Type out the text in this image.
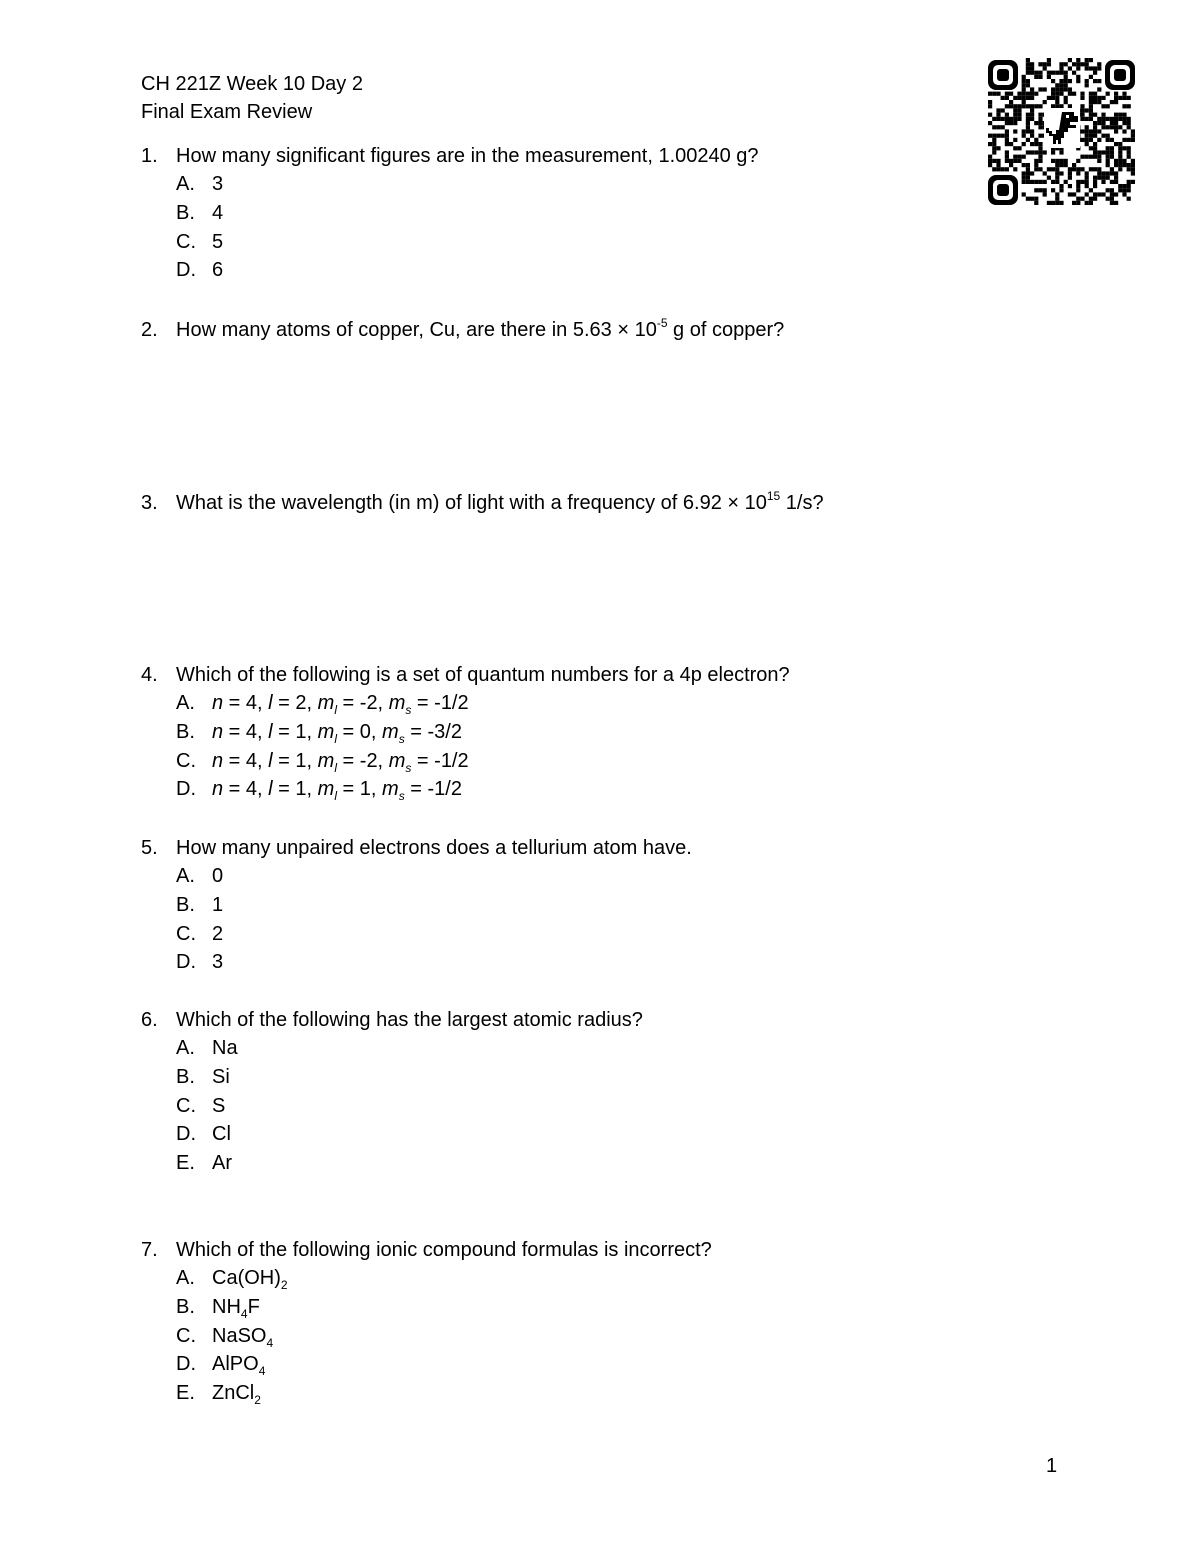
CH 221Z Week 10 Day 2
Final Exam Review
1. How many significant figures are in the measurement, 1.00240 g?
A. 3
B. 4
C. 5
D. 6
2. How many atoms of copper, Cu, are there in $5.63 \times 10^{-5}$ g of copper?
3. What is the wavelength (in m) of light with a frequency of $6.92 \times 10^{15}$ 1/s?
4. Which of the following is a set of quantum numbers for a 4p electron?
A. n = 4, l = 2, $m_l = -2$, $m_s = -1/2$
B. n = 4, l = 1, $m_l = 0$, $m_s = -3/2$
C. n = 4, l = 1, $m_l = -2$, $m_s = -1/2$
D. n = 4, l = 1, $m_l = 1$, $m_s = -1/2$
5. How many unpaired electrons does a tellurium atom have.
A. 0
B. 1
C. 2
D. 3
6. Which of the following has the largest atomic radius?
A. Na
B. Si
C. S
D. Cl
E. Ar
7. Which of the following ionic compound formulas is incorrect?
A. $Ca(OH)_2$
B. $NH_4F$
C. NaSO$_4$
D. AlPO$_4$
E. ZnCl$_2$
1
